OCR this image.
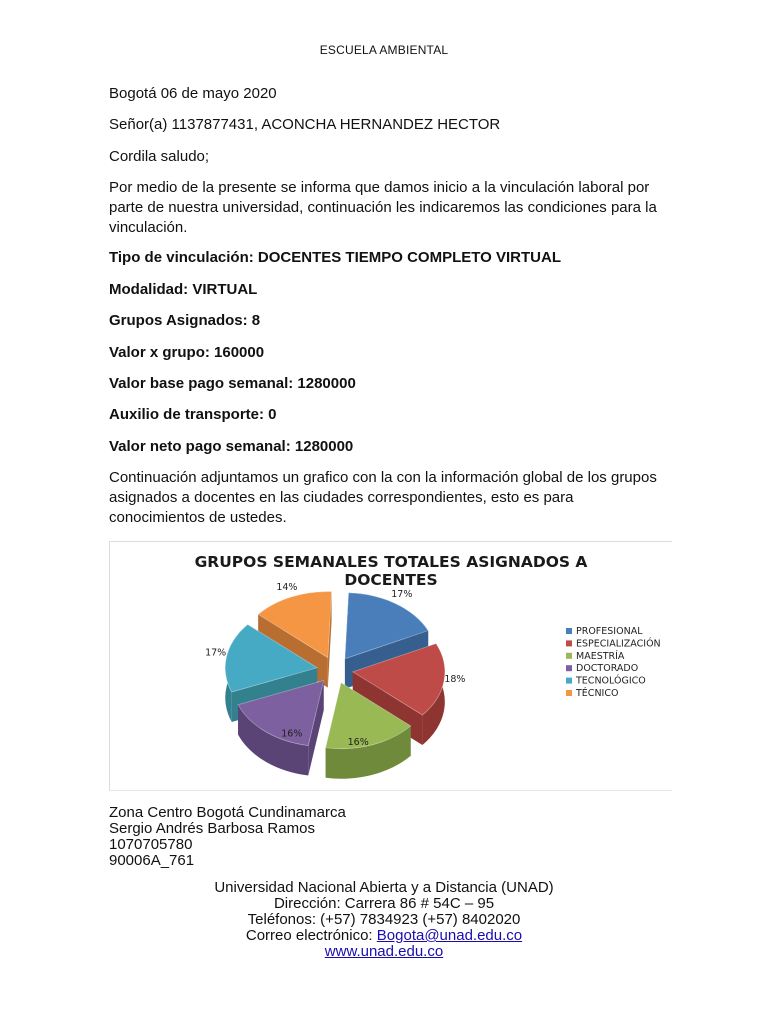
ESCUELA AMBIENTAL
Bogotá 06 de mayo 2020
Señor(a) 1137877431, ACONCHA HERNANDEZ HECTOR
Cordila saludo;
Por medio de la presente se informa que damos inicio a la vinculación laboral por parte de nuestra universidad, continuación les indicaremos las condiciones para la vinculación.
Tipo de vinculación: DOCENTES TIEMPO COMPLETO VIRTUAL
Modalidad: VIRTUAL
Grupos Asignados: 8
Valor x grupo: 160000
Valor base pago semanal: 1280000
Auxilio de transporte: 0
Valor neto pago semanal: 1280000
Continuación adjuntamos un grafico con la con la información global de los grupos asignados a docentes en las ciudades correspondientes, esto es para conocimientos de ustedes.
GRUPOS SEMANALES TOTALES ASIGNADOS A
DOCENTES
17%
18%
16%
16%
17%
14%
PROFESIONAL
ESPECIALIZACIÓN
MAESTRÍA
DOCTORADO
TECNOLÓGICO
TÉCNICO
Zona Centro Bogotá Cundinamarca
Sergio Andrés Barbosa Ramos
1070705780
90006A_761
Universidad Nacional Abierta y a Distancia (UNAD)
Dirección: Carrera 86 # 54C – 95
Teléfonos: (+57) 7834923 (+57) 8402020
Correo electrónico: Bogota@unad.edu.co
www.unad.edu.co
